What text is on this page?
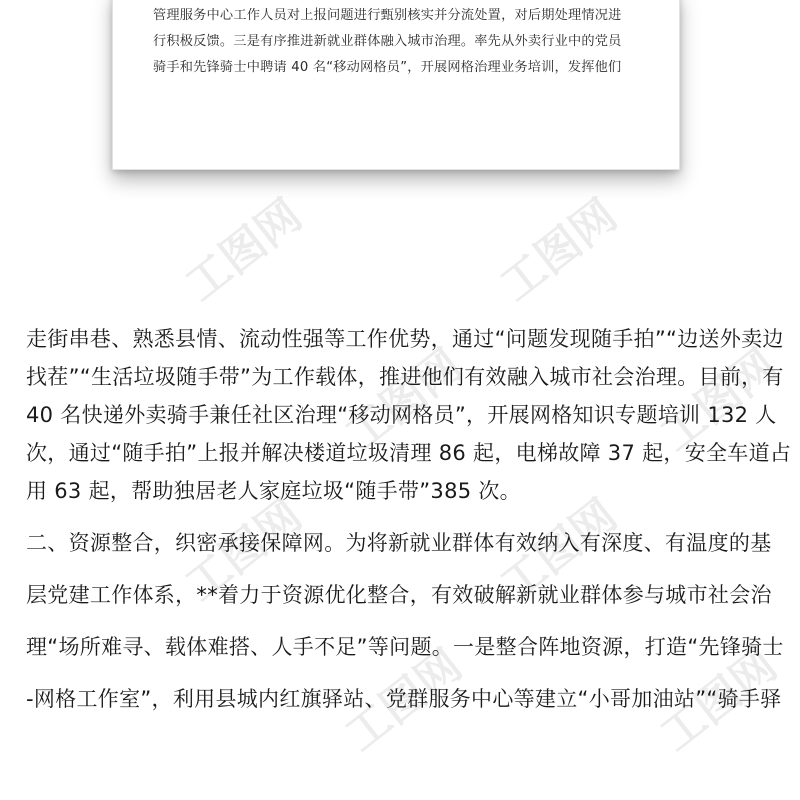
工图网	工图网
工图网	工图网
工图网	工图网
工图网	工图网
管理服务中心工作人员对上报问题进行甄别核实并分流处置，对后期处理情况进
行积极反馈。三是有序推进新就业群体融入城市治理。率先从外卖行业中的党员
骑手和先锋骑士中聘请 40 名“移动网格员”，开展网格治理业务培训，发挥他们
走街串巷、熟悉县情、流动性强等工作优势，通过“问题发现随手拍”“边送外卖边
找茬”“生活垃圾随手带”为工作载体，推进他们有效融入城市社会治理。目前，有
40 名快递外卖骑手兼任社区治理“移动网格员”，开展网格知识专题培训 132 人
次，通过“随手拍”上报并解决楼道垃圾清理 86 起，电梯故障 37 起，安全车道占
用 63 起，帮助独居老人家庭垃圾“随手带”385 次。
二、资源整合，织密承接保障网。为将新就业群体有效纳入有深度、有温度的基
层党建工作体系，**着力于资源优化整合，有效破解新就业群体参与城市社会治
理“场所难寻、载体难搭、人手不足”等问题。一是整合阵地资源，打造“先锋骑士
-网格工作室”，利用县城内红旗驿站、党群服务中心等建立“小哥加油站”“骑手驿
